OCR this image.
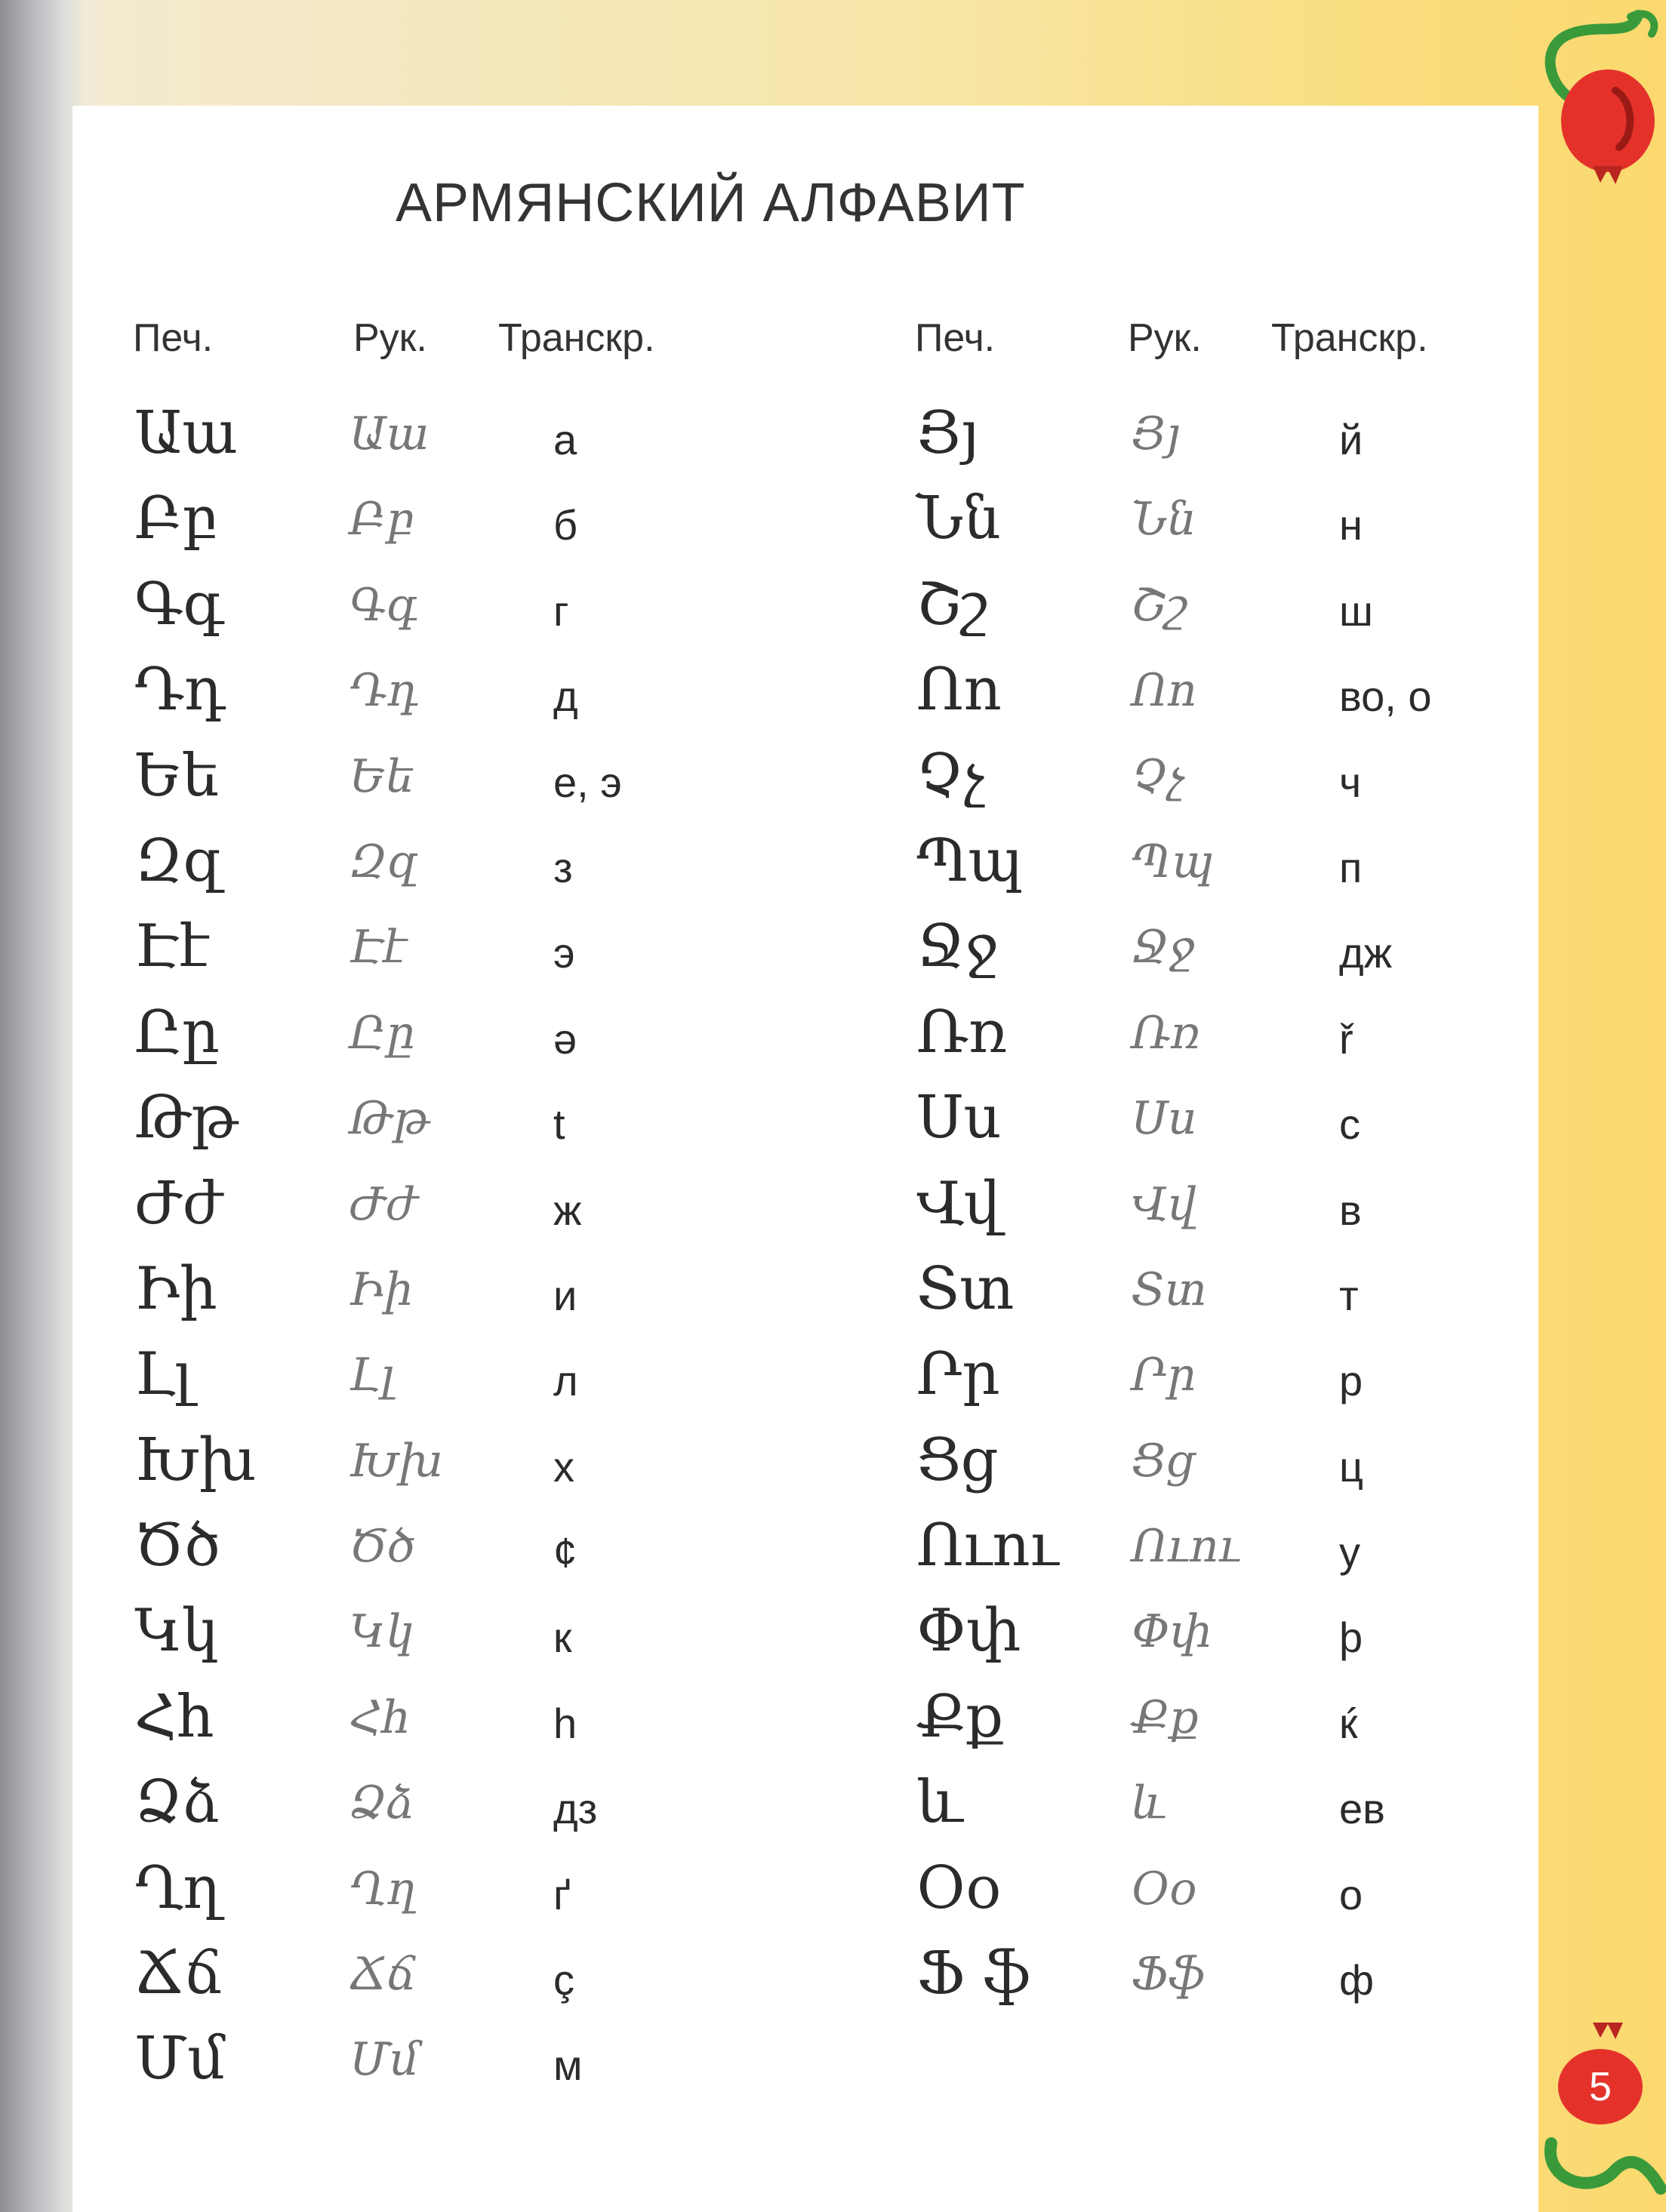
5
АРМЯНСКИЙ АЛФАВИТ
Печ.	Рук. Транскр.	Печ.	Рук. Транскр.
Աա Աա	а
Բբ	Բբ	б
Գգ	Գգ	г
Դդ	Դդ	д
Եե	Եե	е, э
Զզ	Զզ	з
Էէ	Էէ	э
Ըը	Ըը	ә
Թթ Թթ	t
Ժժ	Ժժ	ж
Իի	Իի	и
Լլ	Լլ	л
Խխ Խխ	х
Ծծ	Ծծ	¢
Կկ	Կկ	к
Հհ	Հհ	h
Ձձ	Ձձ	дз
Ղղ	Ղղ	ґ
Ճճ	Ճճ	ç
Մմ	Մմ	м
Յյ	Յյ	й
Նն	Նն	н
Շշ	Շշ	ш
Ոո	Ոո	во, о
Չչ	Չչ	ч
Պպ Պպ	п
Ջջ	Ջջ	дж
Ռռ	Ռռ	ř
Սս	Սս	с
Վվ	Վվ	в
Տտ	Տտ	т
Րր	Րր	р
Ցց	Ցց	ц
Ուու Ուու у
Փփ Փփ	þ
Քք	Քք	ќ
և	և	ев
Օօ	Օօ	о
Ֆ ֆ Ֆֆ	ф
